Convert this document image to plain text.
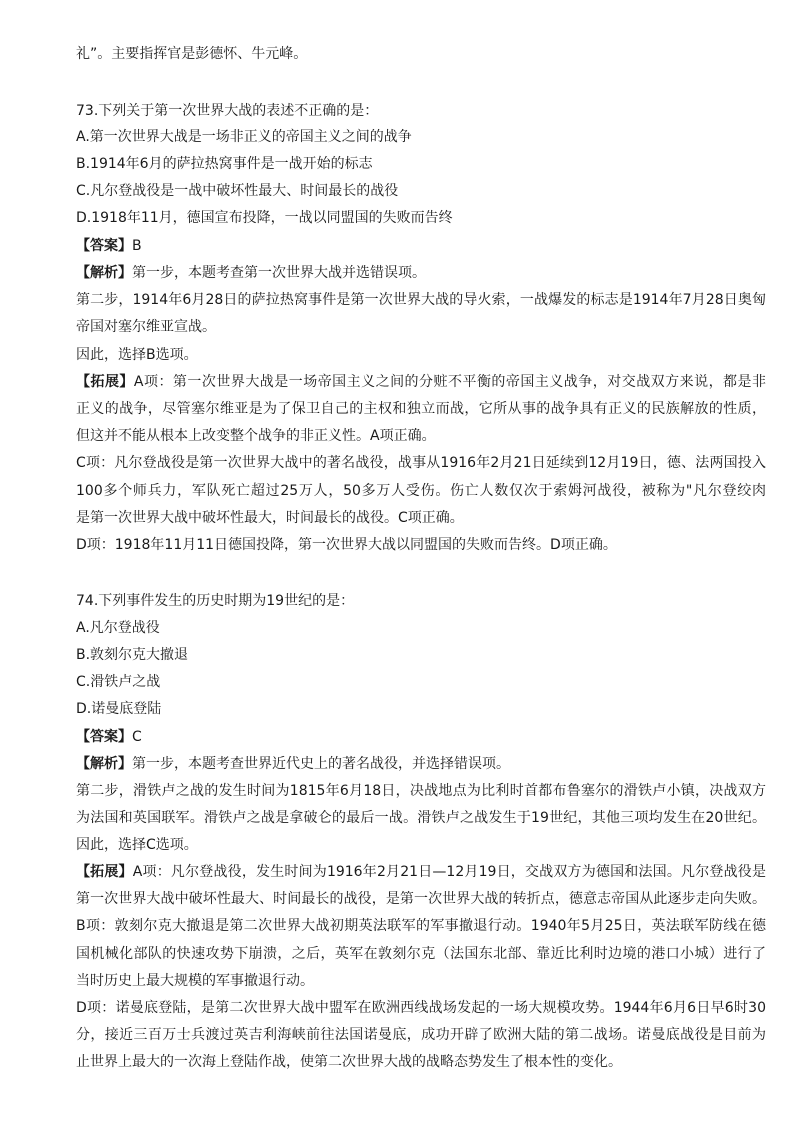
礼”。主要指挥官是彭德怀、牛元峰。
73.下列关于第一次世界大战的表述不正确的是：
A.第一次世界大战是一场非正义的帝国主义之间的战争
B.1914年6月的萨拉热窝事件是一战开始的标志
C.凡尔登战役是一战中破坏性最大、时间最长的战役
D.1918年11月，德国宣布投降，一战以同盟国的失败而告终
【答案】B
【解析】第一步，本题考查第一次世界大战并选错误项。
第二步，1914年6月28日的萨拉热窝事件是第一次世界大战的导火索，一战爆发的标志是1914年7月28日奥匈
帝国对塞尔维亚宣战。
因此，选择B选项。
【拓展】A项：第一次世界大战是一场帝国主义之间的分赃不平衡的帝国主义战争，对交战双方来说，都是非
正义的战争，尽管塞尔维亚是为了保卫自己的主权和独立而战，它所从事的战争具有正义的民族解放的性质，
但这并不能从根本上改变整个战争的非正义性。A项正确。
C项：凡尔登战役是第一次世界大战中的著名战役，战事从1916年2月21日延续到12月19日，德、法两国投入
100多个师兵力，军队死亡超过25万人，50多万人受伤。伤亡人数仅次于索姆河战役，被称为"凡尔登绞肉
是第一次世界大战中破坏性最大，时间最长的战役。C项正确。
D项：1918年11月11日德国投降，第一次世界大战以同盟国的失败而告终。D项正确。
74.下列事件发生的历史时期为19世纪的是：
A.凡尔登战役
B.敦刻尔克大撤退
C.滑铁卢之战
D.诺曼底登陆
【答案】C
【解析】第一步，本题考查世界近代史上的著名战役，并选择错误项。
第二步，滑铁卢之战的发生时间为1815年6月18日，决战地点为比利时首都布鲁塞尔的滑铁卢小镇，决战双方
为法国和英国联军。滑铁卢之战是拿破仑的最后一战。滑铁卢之战发生于19世纪，其他三项均发生在20世纪。
因此，选择C选项。
【拓展】A项：凡尔登战役，发生时间为1916年2月21日—12月19日，交战双方为德国和法国。凡尔登战役是
第一次世界大战中破坏性最大、时间最长的战役，是第一次世界大战的转折点，德意志帝国从此逐步走向失败。
B项：敦刻尔克大撤退是第二次世界大战初期英法联军的军事撤退行动。1940年5月25日，英法联军防线在德
国机械化部队的快速攻势下崩溃，之后，英军在敦刻尔克（法国东北部、靠近比利时边境的港口小城）进行了
当时历史上最大规模的军事撤退行动。
D项：诺曼底登陆，是第二次世界大战中盟军在欧洲西线战场发起的一场大规模攻势。1944年6月6日早6时30
分，接近三百万士兵渡过英吉利海峡前往法国诺曼底，成功开辟了欧洲大陆的第二战场。诺曼底战役是目前为
止世界上最大的一次海上登陆作战，使第二次世界大战的战略态势发生了根本性的变化。
